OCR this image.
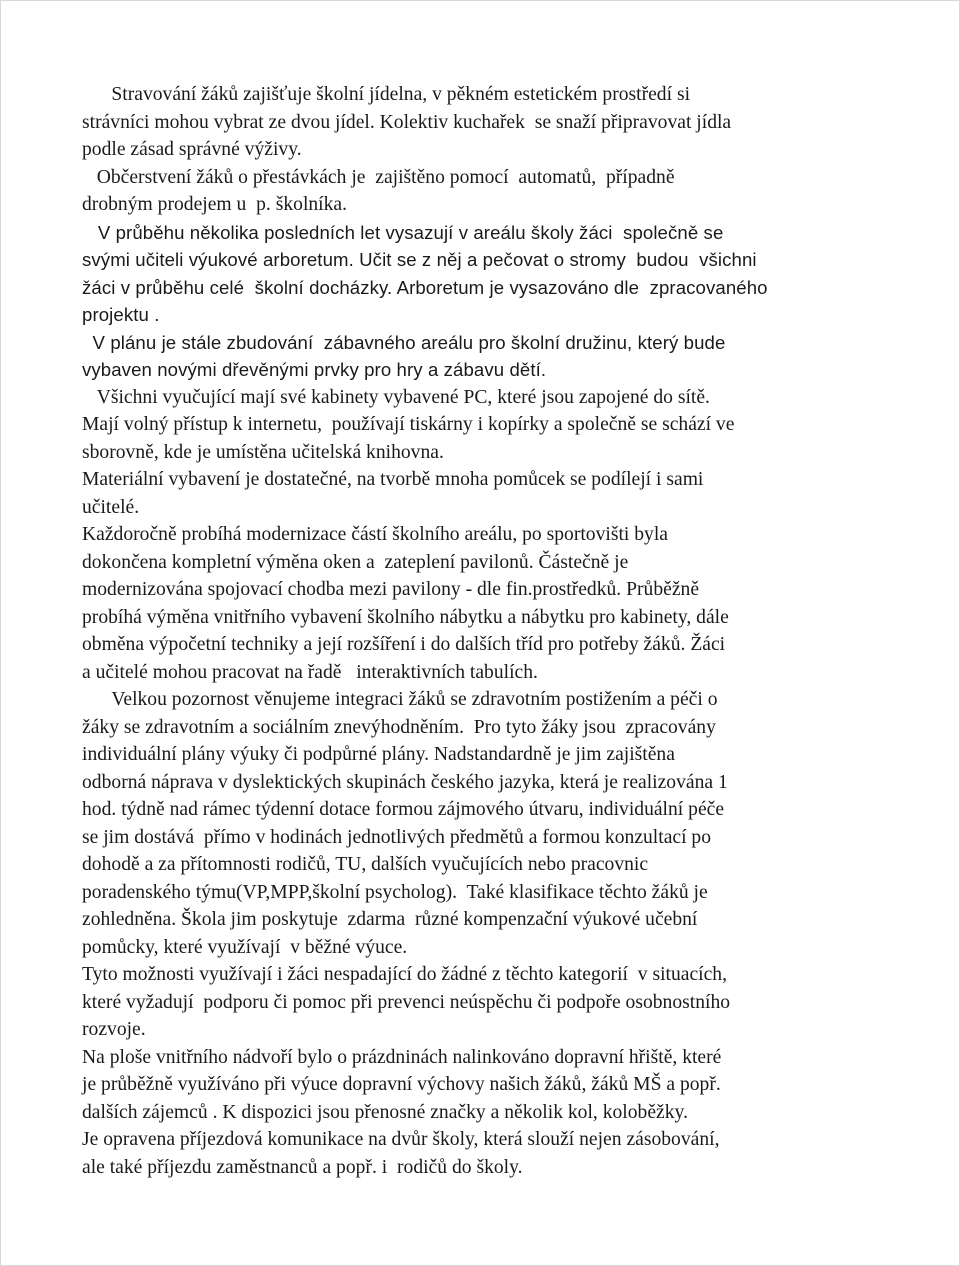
Stravování žáků zajišťuje školní jídelna, v pěkném estetickém prostředí si

strávníci mohou vybrat ze dvou jídel. Kolektiv kuchařek  se snaží připravovat jídla

podle zásad správné výživy.

Občerstvení žáků o přestávkách je  zajištěno pomocí  automatů,  případně

drobným prodejem u  p. školníka.

V průběhu několika posledních let vysazují v areálu školy žáci  společně se

svými učiteli výukové arboretum. Učit se z něj a pečovat o stromy  budou  všichni

žáci v průběhu celé  školní docházky. Arboretum je vysazováno dle  zpracovaného

projektu .

V plánu je stále zbudování  zábavného areálu pro školní družinu, který bude

vybaven novými dřevěnými prvky pro hry a zábavu dětí.

Všichni vyučující mají své kabinety vybavené PC, které jsou zapojené do sítě.

Mají volný přístup k internetu,  používají tiskárny i kopírky a společně se schází ve

sborovně, kde je umístěna učitelská knihovna.

Materiální vybavení je dostatečné, na tvorbě mnoha pomůcek se podílejí i sami

učitelé.

Každoročně probíhá modernizace částí školního areálu, po sportovišti byla

dokončena kompletní výměna oken a  zateplení pavilonů. Částečně je

modernizována spojovací chodba mezi pavilony - dle fin.prostředků. Průběžně

probíhá výměna vnitřního vybavení školního nábytku a nábytku pro kabinety, dále

obměna výpočetní techniky a její rozšíření i do dalších tříd pro potřeby žáků. Žáci

a učitelé mohou pracovat na řadě   interaktivních tabulích.

Velkou pozornost věnujeme integraci žáků se zdravotním postižením a péči o

žáky se zdravotním a sociálním znevýhodněním.  Pro tyto žáky jsou  zpracovány

individuální plány výuky či podpůrné plány. Nadstandardně je jim zajištěna

odborná náprava v dyslektických skupinách českého jazyka, která je realizována 1

hod. týdně nad rámec týdenní dotace formou zájmového útvaru, individuální péče

se jim dostává  přímo v hodinách jednotlivých předmětů a formou konzultací po

dohodě a za přítomnosti rodičů, TU, dalších vyučujících nebo pracovnic

poradenského týmu(VP,MPP,školní psycholog).  Také klasifikace těchto žáků je

zohledněna. Škola jim poskytuje  zdarma  různé kompenzační výukové učební

pomůcky, které využívají  v běžné výuce.

Tyto možnosti využívají i žáci nespadající do žádné z těchto kategorií  v situacích,

které vyžadují  podporu či pomoc při prevenci neúspěchu či podpoře osobnostního

rozvoje.

Na ploše vnitřního nádvoří bylo o prázdninách nalinkováno dopravní hřiště, které

je průběžně využíváno při výuce dopravní výchovy našich žáků, žáků MŠ a popř.

dalších zájemců . K dispozici jsou přenosné značky a několik kol, koloběžky.

Je opravena příjezdová komunikace na dvůr školy, která slouží nejen zásobování,

ale také příjezdu zaměstnanců a popř. i  rodičů do školy.
